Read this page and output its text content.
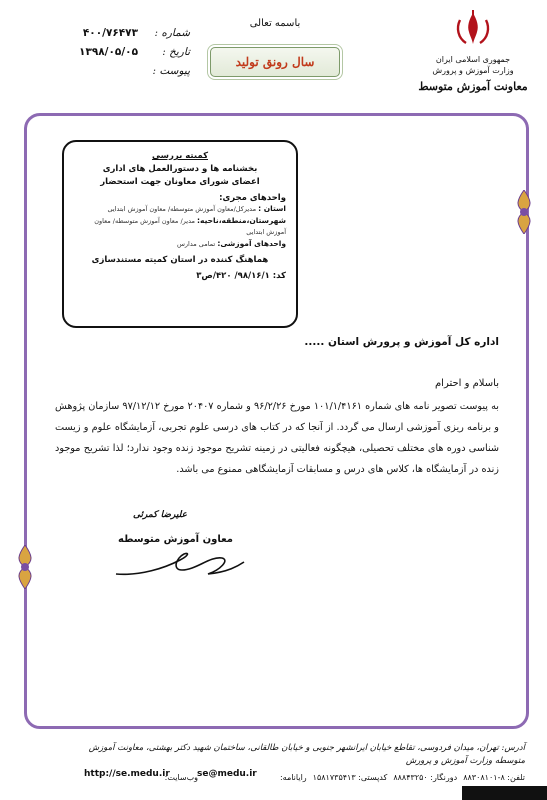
جمهوری اسلامی ایران
وزارت آموزش و پرورش
معاونت آموزش متوسط
باسمه تعالی
سال رونق تولید
شماره :
۴۰۰/۷۶۴۷۳
تاریخ :
۱۳۹۸/۰۵/۰۵
پیوست :
کمیته بررسی
بخشنامه ها و دستورالعمل های اداری
اعضای شورای معاونان جهت استحضار
واحدهای مجری:
استان : مدیرکل/معاون آموزش متوسطه/ معاون آموزش ابتدایی
شهرستان،منطقه،ناحیه: مدیر/ معاون آموزش متوسطه/ معاون آموزش ابتدایی
واحدهای آموزشی: تمامی مدارس
هماهنگ کننده در استان کمیته مستندسازی
کد: ۹۸/۱۶/۱/ ۴۲۰/ص۳
اداره کل آموزش و پرورش استان .....
باسلام و احترام
به پیوست تصویر نامه های شماره ۱۰۱/۱/۴۱۶۱ مورخ ۹۶/۲/۲۶ و شماره ۲۰۴۰۷ مورخ ۹۷/۱۲/۱۲ سازمان پژوهش و برنامه ریزی آموزشی ارسال می گردد. از آنجا که در کتاب های درسی علوم تجربی، آزمایشگاه علوم و زیست شناسی دوره های مختلف تحصیلی، هیچگونه فعالیتی در زمینه تشریح موجود زنده وجود ندارد؛ لذا تشریح موجود زنده در آزمایشگاه ها، کلاس های درس و مسابقات آزمایشگاهی ممنوع می باشد.
علیرضا کمرئی
معاون آموزش متوسطه
آدرس: تهران، میدان فردوسی، تقاطع خیابان ایرانشهر جنوبی و خیابان طالقانی، ساختمان شهید دکتر بهشتی، معاونت آموزش متوسطه وزارت آموزش و پرورش
تلفن: ۸-۸۸۳۰۸۱۰۱
دورنگار: ۸۸۸۴۳۲۵۰
کدپستی: ۱۵۸۱۷۳۵۴۱۳
رایانامه:
وب‌سایت: se@medu.ir
http://se.medu.ir
